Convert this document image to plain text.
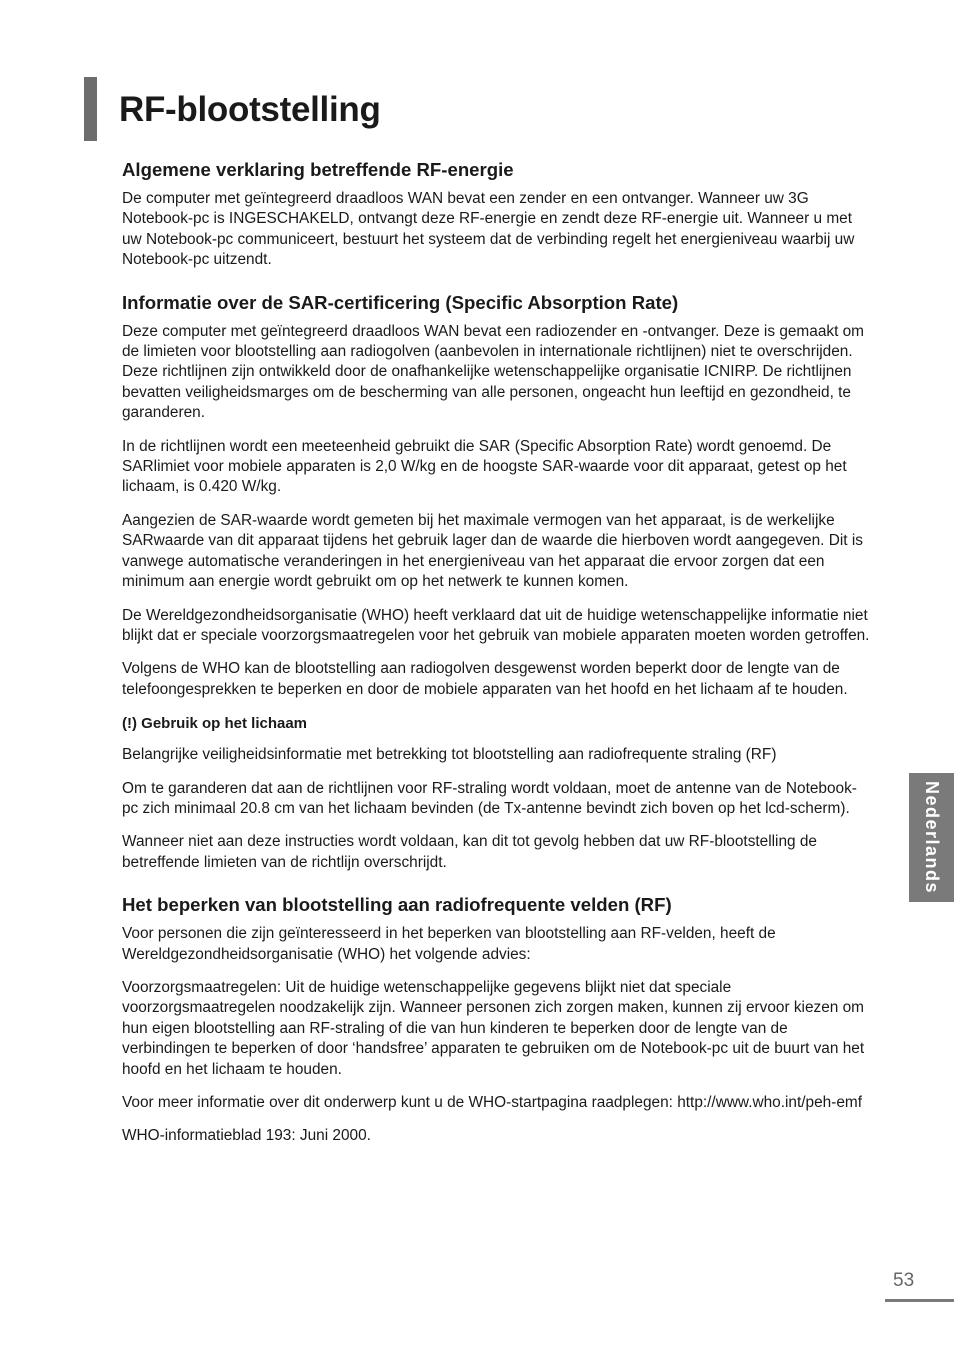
RF-blootstelling
Algemene verklaring betreffende RF-energie

De computer met geïntegreerd draadloos WAN bevat een zender en een ontvanger. Wanneer uw 3G Notebook-pc is INGESCHAKELD, ontvangt deze RF-energie en zendt deze RF-energie uit. Wanneer u met uw Notebook-pc communiceert, bestuurt het systeem dat de verbinding regelt het energieniveau waarbij uw Notebook-pc uitzendt.

Informatie over de SAR-certificering (Specific Absorption Rate)

Deze computer met geïntegreerd draadloos WAN bevat een radiozender en -ontvanger. Deze is gemaakt om de limieten voor blootstelling aan radiogolven (aanbevolen in internationale richtlijnen) niet te overschrijden. Deze richtlijnen zijn ontwikkeld door de onafhankelijke wetenschappelijke organisatie ICNIRP. De richtlijnen bevatten veiligheidsmarges om de bescherming van alle personen, ongeacht hun leeftijd en gezondheid, te garanderen.

In de richtlijnen wordt een meeteenheid gebruikt die SAR (Specific Absorption Rate) wordt genoemd. De SARlimiet voor mobiele apparaten is 2,0 W/kg en de hoogste SAR-waarde voor dit apparaat, getest op het lichaam, is 0.420 W/kg.

Aangezien de SAR-waarde wordt gemeten bij het maximale vermogen van het apparaat, is de werkelijke SARwaarde van dit apparaat tijdens het gebruik lager dan de waarde die hierboven wordt aangegeven. Dit is vanwege automatische veranderingen in het energieniveau van het apparaat die ervoor zorgen dat een minimum aan energie wordt gebruikt om op het netwerk te kunnen komen.

De Wereldgezondheidsorganisatie (WHO) heeft verklaard dat uit de huidige wetenschappelijke informatie niet blijkt dat er speciale voorzorgsmaatregelen voor het gebruik van mobiele apparaten moeten worden getroffen.

Volgens de WHO kan de blootstelling aan radiogolven desgewenst worden beperkt door de lengte van de telefoongesprekken te beperken en door de mobiele apparaten van het hoofd en het lichaam af te houden.

(!) Gebruik op het lichaam

Belangrijke veiligheidsinformatie met betrekking tot blootstelling aan radiofrequente straling (RF)

Om te garanderen dat aan de richtlijnen voor RF-straling wordt voldaan, moet de antenne van de Notebook-pc zich minimaal 20.8 cm van het lichaam bevinden (de Tx-antenne bevindt zich boven op het lcd-scherm).

Wanneer niet aan deze instructies wordt voldaan, kan dit tot gevolg hebben dat uw RF-blootstelling de betreffende limieten van de richtlijn overschrijdt.

Het beperken van blootstelling aan radiofrequente velden (RF)

Voor personen die zijn geïnteresseerd in het beperken van blootstelling aan RF-velden, heeft de Wereldgezondheidsorganisatie (WHO) het volgende advies:

Voorzorgsmaatregelen: Uit de huidige wetenschappelijke gegevens blijkt niet dat speciale voorzorgsmaatregelen noodzakelijk zijn. Wanneer personen zich zorgen maken, kunnen zij ervoor kiezen om hun eigen blootstelling aan RF-straling of die van hun kinderen te beperken door de lengte van de verbindingen te beperken of door ‘handsfree’ apparaten te gebruiken om de Notebook-pc uit de buurt van het hoofd en het lichaam te houden.

Voor meer informatie over dit onderwerp kunt u de WHO-startpagina raadplegen: http://www.who.int/peh-emf

WHO-informatieblad 193: Juni 2000.

Nederlands
53
